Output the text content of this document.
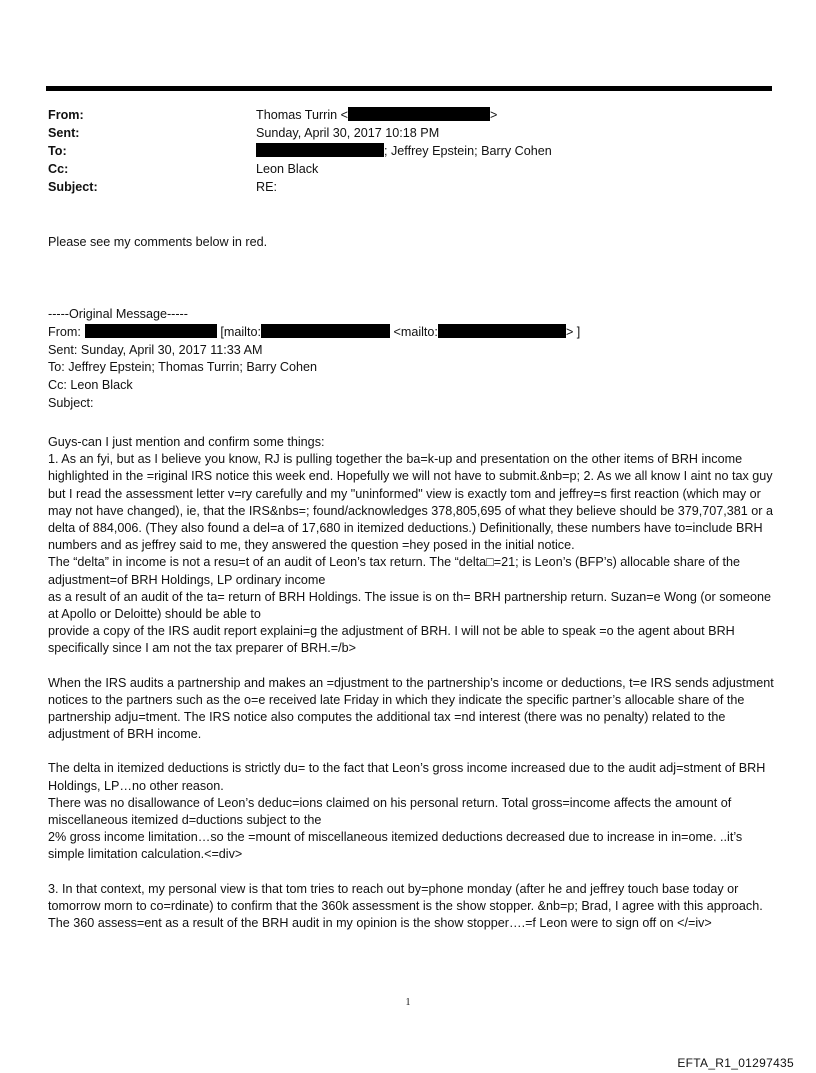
From:	Thomas Turrin <	>
Sent:	Sunday, April 30, 2017 10:18 PM
To:	; Jeffrey Epstein; Barry Cohen
Cc:	Leon Black
Subject:	RE:
Please see my comments below in red.
-----Original Message-----
From:	[mailto:	<mailto:	> ]
Sent: Sunday, April 30, 2017 11:33 AM
To: Jeffrey Epstein; Thomas Turrin; Barry Cohen
Cc: Leon Black
Subject:

Guys-can I just mention and confirm some things:

1. As an fyi, but as I believe you know, RJ is pulling together the ba=k-up and presentation on the other items of BRH income highlighted in the =riginal IRS notice this week end. Hopefully we will not have to submit.&nb=p; 2. As we all know I aint no tax guy but I read the assessment letter v=ry carefully and my "uninformed" view is exactly tom and jeffrey=s first reaction (which may or may not have changed), ie, that the IRS&nbs=; found/acknowledges 378,805,695 of what they believe should be 379,707,381 or a delta of 884,006. (They also found a del=a of 17,680 in itemized deductions.) Definitionally, these numbers have to=include BRH numbers and as jeffrey said to me, they answered the question =hey posed in the initial notice.

The “delta” in income is not a resu=t of an audit of Leon’s tax return. The “delta□=21; is Leon’s (BFP’s) allocable share of the adjustment=of BRH Holdings, LP ordinary income

as a result of an audit of the ta= return of BRH Holdings. The issue is on th= BRH partnership return. Suzan=e Wong (or someone at Apollo or Deloitte) should be able to

provide a copy of the IRS audit report explaini=g the adjustment of BRH. I will not be able to speak =o the agent about BRH specifically since I am not the tax preparer of BRH.=/b>

When the IRS audits a partnership and makes an =djustment to the partnership’s income or deductions, t=e IRS sends adjustment notices to the partners such as the o=e received late Friday in which they indicate the specific partner’s allocable share of the partnership adju=tment. The IRS notice also computes the additional tax =nd interest (there was no penalty) related to the adjustment of BRH income.

The delta in itemized deductions is strictly du= to the fact that Leon’s gross income increased due to the audit adj=stment of BRH Holdings, LP…no other reason.

There was no disallowance of Leon’s deduc=ions claimed on his personal return. Total gross=income affects the amount of miscellaneous itemized d=ductions subject to the

2% gross income limitation…so the =mount of miscellaneous itemized deductions decreased due to increase in in=ome. ..it’s simple limitation calculation.<=div>

3. In that context, my personal view is that tom tries to reach out by=phone monday (after he and jeffrey touch base today or tomorrow morn to co=rdinate) to confirm that the 360k assessment is the show stopper. &nb=p; Brad, I agree with this approach. The 360 assess=ent as a result of the BRH audit in my opinion is the show stopper….=f Leon were to sign off on </=iv>

1
EFTA_R1_01297435
